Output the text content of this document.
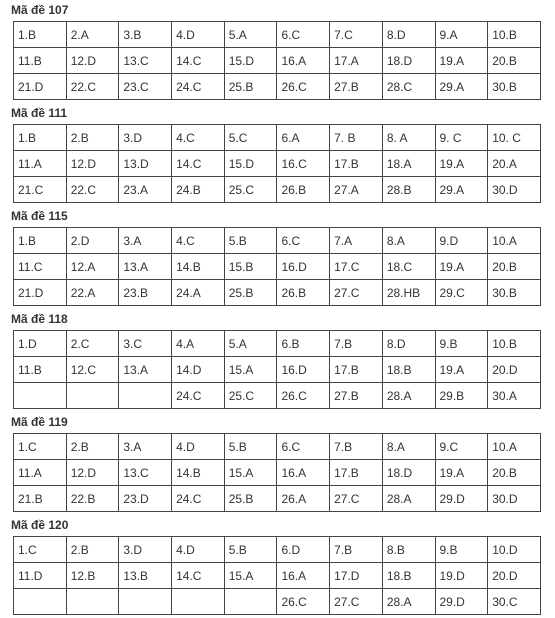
Mã đề 107
1.B	2.A	3.B	4.D	5.A	6.C	7.C	8.D	9.A	10.B
11.B	12.D	13.C	14.C	15.D	16.A	17.A	18.D	19.A	20.B
21.D	22.C	23.C	24.C	25.B	26.C	27.B	28.C	29.A	30.B
Mã đề 111
1.B	2.B	3.D	4.C	5.C	6.A	7. B	8. A	9. C	10. C
11.A	12.D	13.D	14.C	15.D	16.C	17.B	18.A	19.A	20.A
21.C	22.C	23.A	24.B	25.C	26.B	27.A	28.B	29.A	30.D
Mã đề 115
1.B	2.D	3.A	4.C	5.B	6.C	7.A	8.A	9.D	10.A
11.C	12.A	13.A	14.B	15.B	16.D	17.C	18.C	19.A	20.B
21.D	22.A	23.B	24.A	25.B	26.B	27.C	28.HB	29.C	30.B
Mã đề 118
1.D	2.C	3.C	4.A	5.A	6.B	7.B	8.D	9.B	10.B
11.B	12.C	13.A	14.D	15.A	16.D	17.B	18.B	19.A	20.D
			24.C	25.C	26.C	27.B	28.A	29.B	30.A
Mã đề 119
1.C	2.B	3.A	4.D	5.B	6.C	7.B	8.A	9.C	10.A
11.A	12.D	13.C	14.B	15.A	16.A	17.B	18.D	19.A	20.B
21.B	22.B	23.D	24.C	25.B	26.A	27.C	28.A	29.D	30.D
Mã đề 120
1.C	2.B	3.D	4.D	5.B	6.D	7.B	8.B	9.B	10.D
11.D	12.B	13.B	14.C	15.A	16.A	17.D	18.B	19.D	20.D
					26.C	27.C	28.A	29.D	30.C
